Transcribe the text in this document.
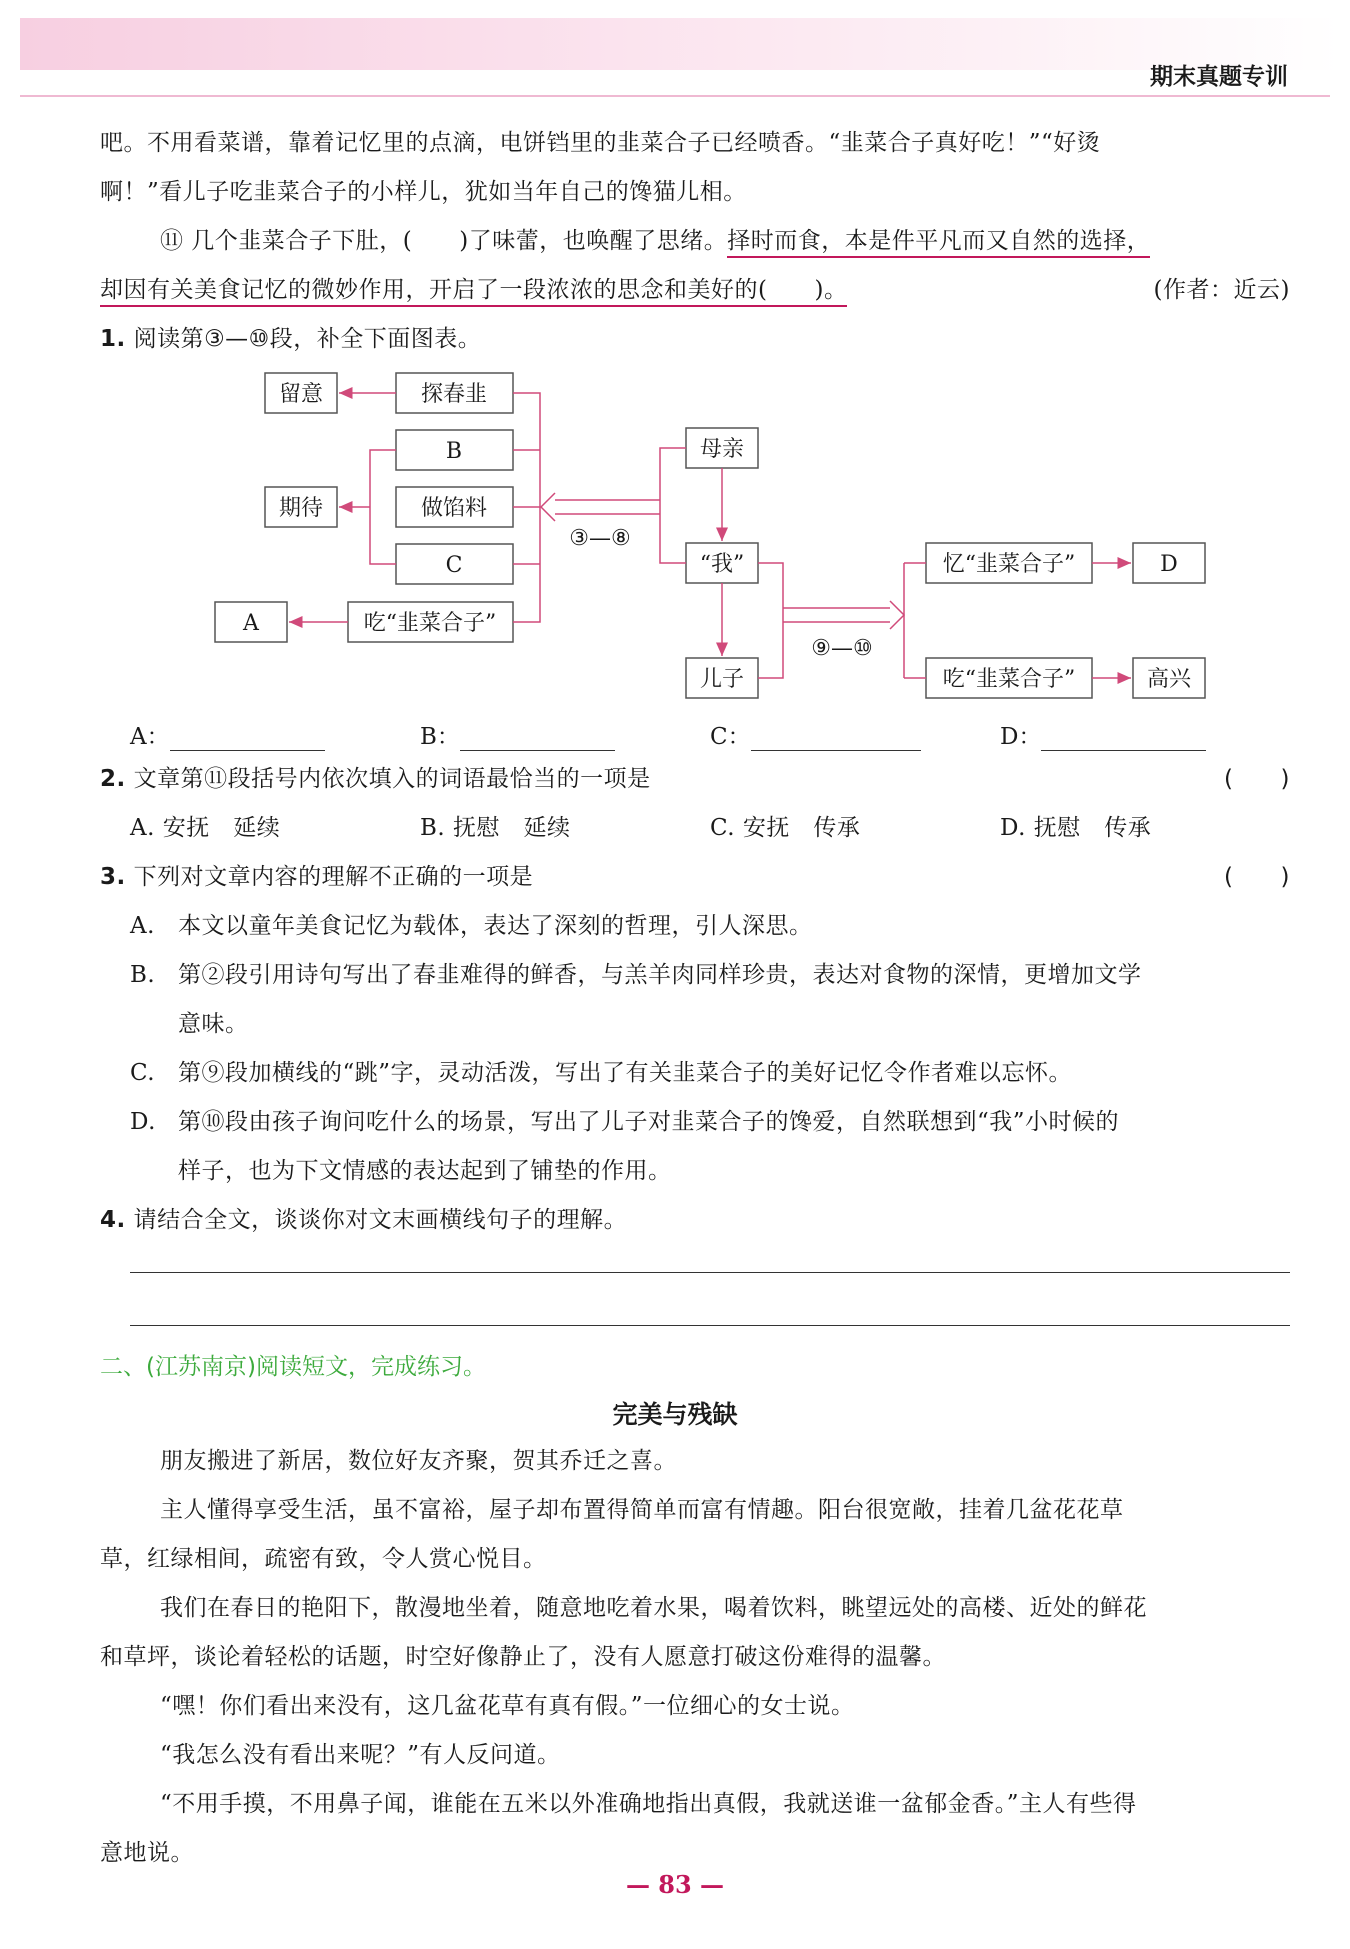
期末真题专训
吧。不用看菜谱，靠着记忆里的点滴，电饼铛里的韭菜合子已经喷香。“韭菜合子真好吃！”“好烫
啊！”看儿子吃韭菜合子的小样儿，犹如当年自己的馋猫儿相。
⑪ 几个韭菜合子下肚，(　　)了味蕾，也唤醒了思绪。择时而食，本是件平凡而又自然的选择，
却因有关美食记忆的微妙作用，开启了一段浓浓的思念和美好的(　　)。	(作者：近云)
1. 阅读第③—⑩段，补全下面图表。
留意	探春韭
B
期待	做馅料
C
A	吃“韭菜合子”
母亲
“我”
儿子
忆“韭菜合子”	D
吃“韭菜合子”	高兴
③—⑧
⑨—⑩
A：	B：	C：	D：
2. 文章第⑪段括号内依次填入的词语最恰当的一项是	(　　)
A. 安抚　延续	B. 抚慰　延续	C. 安抚　传承	D. 抚慰　传承
3. 下列对文章内容的理解不正确的一项是	(　　)
A.	本文以童年美食记忆为载体，表达了深刻的哲理，引人深思。
B. 第②段引用诗句写出了春韭难得的鲜香，与羔羊肉同样珍贵，表达对食物的深情，更增加文学
意味。
C. 第⑨段加横线的“跳”字，灵动活泼，写出了有关韭菜合子的美好记忆令作者难以忘怀。
D. 第⑩段由孩子询问吃什么的场景，写出了儿子对韭菜合子的馋爱，自然联想到“我”小时候的
样子，也为下文情感的表达起到了铺垫的作用。
4. 请结合全文，谈谈你对文末画横线句子的理解。
二、(江苏南京)阅读短文，完成练习。
完美与残缺
朋友搬进了新居，数位好友齐聚，贺其乔迁之喜。
主人懂得享受生活，虽不富裕，屋子却布置得简单而富有情趣。阳台很宽敞，挂着几盆花花草
草，红绿相间，疏密有致，令人赏心悦目。
我们在春日的艳阳下，散漫地坐着，随意地吃着水果，喝着饮料，眺望远处的高楼、近处的鲜花
和草坪，谈论着轻松的话题，时空好像静止了，没有人愿意打破这份难得的温馨。
“嘿！你们看出来没有，这几盆花草有真有假。”一位细心的女士说。
“我怎么没有看出来呢？”有人反问道。
“不用手摸，不用鼻子闻，谁能在五米以外准确地指出真假，我就送谁一盆郁金香。”主人有些得
意地说。
— 83 —
